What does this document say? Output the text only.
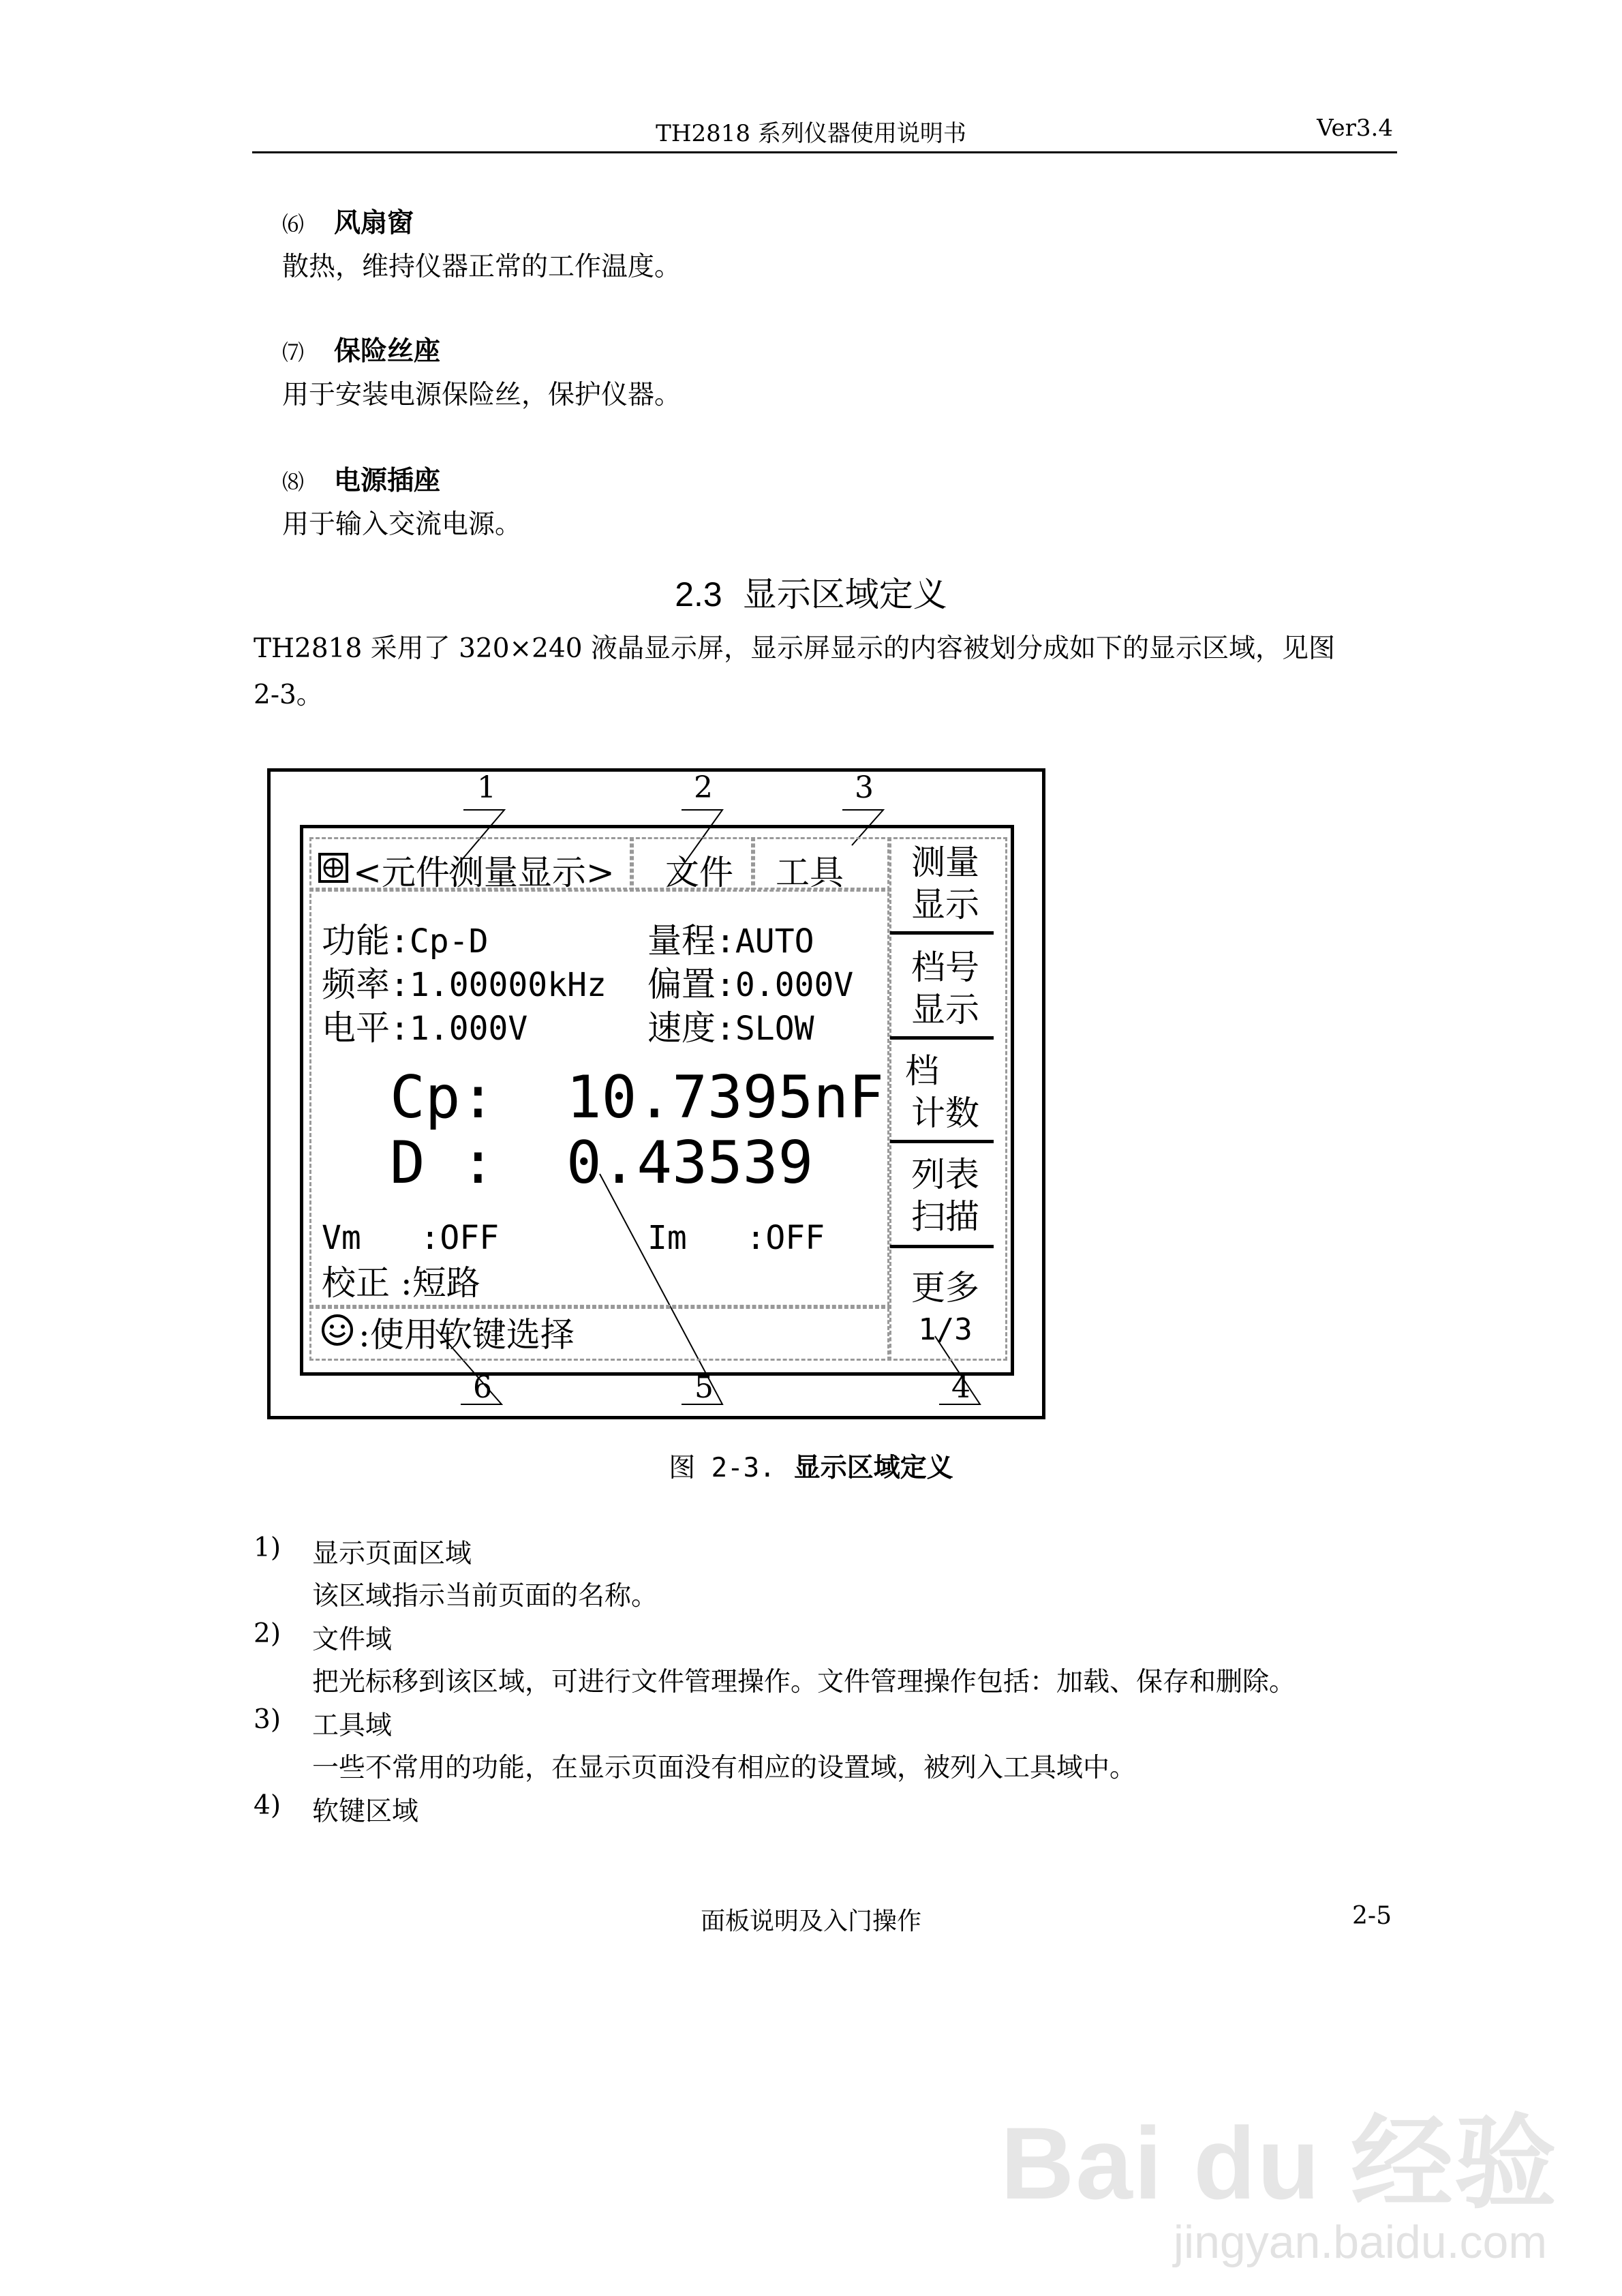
TH2818 系列仪器使用说明书	Ver3.4
⑹ 风扇窗
散热，维持仪器正常的工作温度。
⑺ 保险丝座
用于安装电源保险丝，保护仪器。
⑻ 电源插座
用于输入交流电源。
2.3 显示区域定义
TH2818 采用了 320×240 液晶显示屏，显示屏显示的内容被划分成如下的显示区域，见图 2-3。
1	2	3
4
5
6
<元件测量显示> 文件 工具
功能:Cp-D
频率:1.00000kHz
电平:1.000V
量程:AUTO
偏置:0.000V
速度:SLOW
Cp:  10.7395nF
D :  0.43539
Vm   :OFF	Im   :OFF
校正 :短路
:使用软键选择
测量
显示
档号
显示
档
计数
列表
扫描
更多
1/3
图 2-3. 显示区域定义
1) 显示页面区域
该区域指示当前页面的名称。
2) 文件域
把光标移到该区域，可进行文件管理操作。文件管理操作包括：加载、保存和删除。
3) 工具域
一些不常用的功能，在显示页面没有相应的设置域，被列入工具域中。
4) 软键区域
面板说明及入门操作	2-5
Bai du 经验
jingyan.baidu.com
